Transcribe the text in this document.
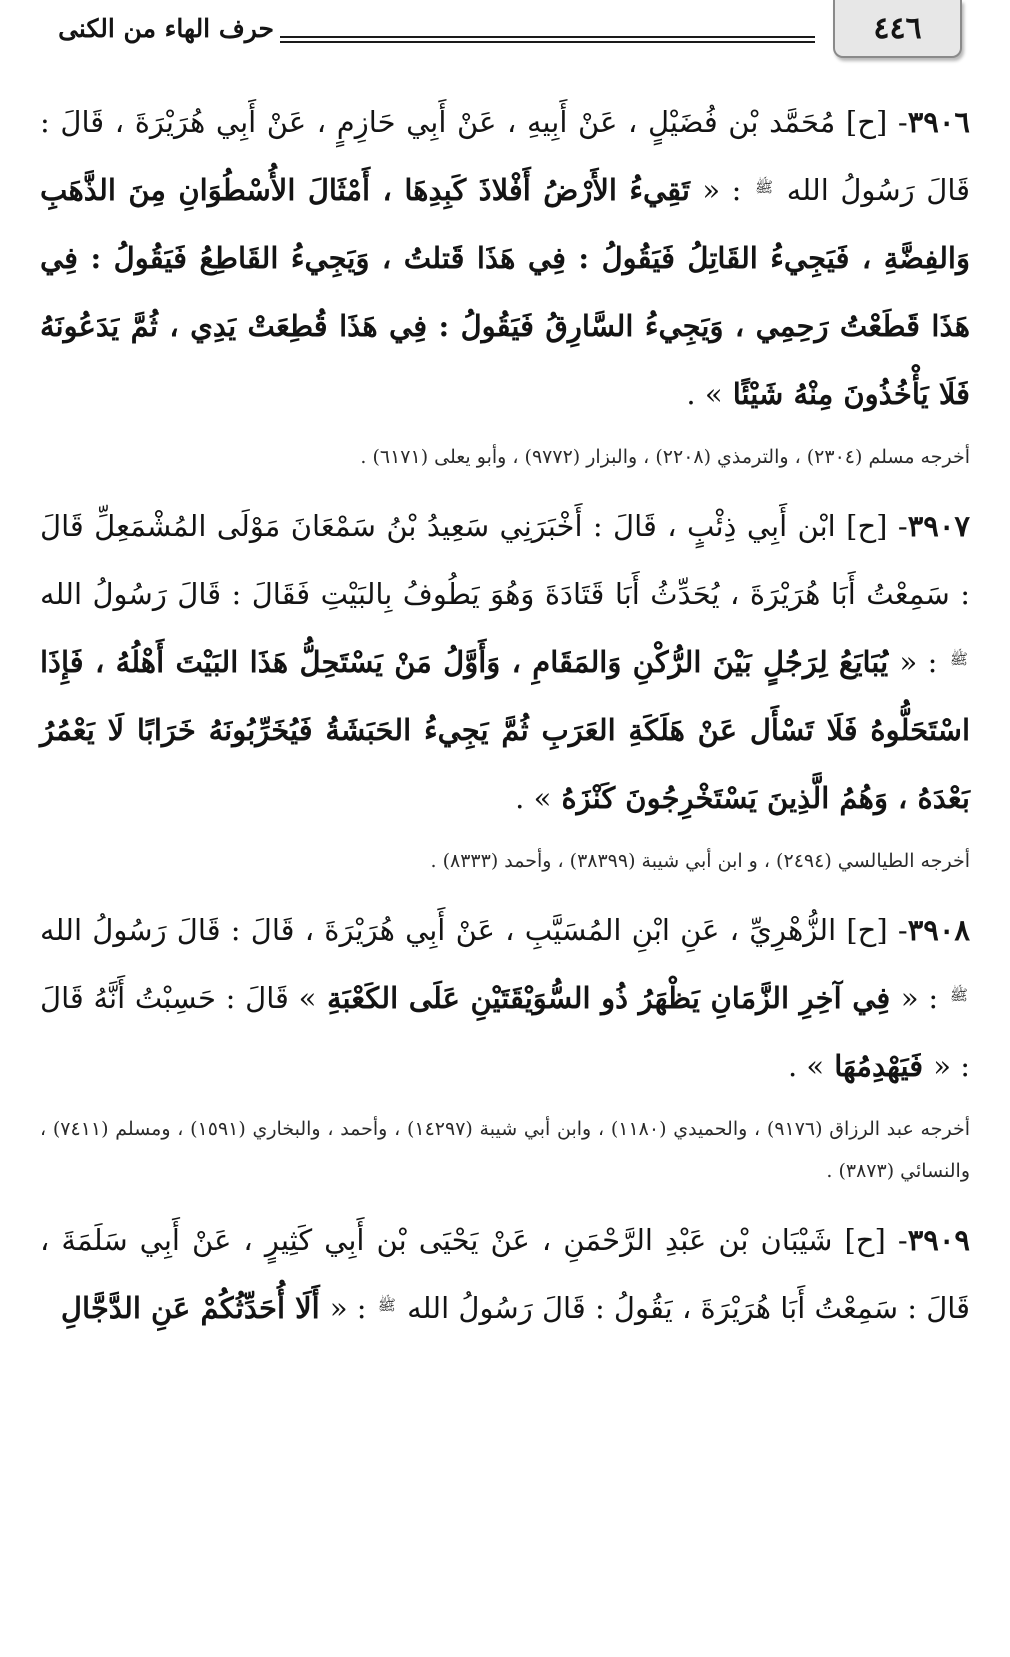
٤٤٦
حرف الهاء من الكنى

٣٩٠٦- [ح] مُحَمَّد بْن فُضَيْلٍ ، عَنْ أَبِيهِ ، عَنْ أَبِي حَازِمٍ ، عَنْ أَبِي هُرَيْرَةَ ، قَالَ : قَالَ رَسُولُ الله ﷺ : « تَقِيءُ الأَرْضُ أَفْلاذَ كَبِدِهَا ، أَمْثَالَ الأُسْطُوَانِ مِنَ الذَّهَبِ وَالفِضَّةِ ، فَيَجِيءُ القَاتِلُ فَيَقُولُ : فِي هَذَا قَتلتُ ، وَيَجِيءُ القَاطِعُ فَيَقُولُ : فِي هَذَا قَطَعْتُ رَحِمِي ، وَيَجِيءُ السَّارِقُ فَيَقُولُ : فِي هَذَا قُطِعَتْ يَدِي ، ثُمَّ يَدَعُونَهُ فَلَا يَأْخُذُونَ مِنْهُ شَيْئًا » .

أخرجه مسلم (٢٣٠٤) ، والترمذي (٢٢٠٨) ، والبزار (٩٧٧٢) ، وأبو يعلى (٦١٧١) .

٣٩٠٧- [ح] ابْن أَبِي ذِئْبٍ ، قَالَ : أَخْبَرَنِي سَعِيدُ بْنُ سَمْعَانَ مَوْلَى المُشْمَعِلِّ قَالَ : سَمِعْتُ أَبَا هُرَيْرَةَ ، يُحَدِّثُ أَبَا قَتَادَةَ وَهُوَ يَطُوفُ بِالبَيْتِ فَقَالَ : قَالَ رَسُولُ الله ﷺ : « يُبَايَعُ لِرَجُلٍ بَيْنَ الرُّكْنِ وَالمَقَامِ ، وَأَوَّلُ مَنْ يَسْتَحِلُّ هَذَا البَيْتَ أَهْلُهُ ، فَإِذَا اسْتَحَلُّوهُ فَلَا تَسْأَل عَنْ هَلَكَةِ العَرَبِ ثُمَّ يَجِيءُ الحَبَشَةُ فَيُخَرِّبُونَهُ خَرَابًا لَا يَعْمُرُ بَعْدَهُ ، وَهُمُ الَّذِينَ يَسْتَخْرِجُونَ كَنْزَهُ » .

أخرجه الطيالسي (٢٤٩٤) ، و ابن أبي شيبة (٣٨٣٩٩) ، وأحمد (٨٣٣٣) .

٣٩٠٨- [ح] الزُّهْرِيِّ ، عَنِ ابْنِ المُسَيَّبِ ، عَنْ أَبِي هُرَيْرَةَ ، قَالَ : قَالَ رَسُولُ الله ﷺ : « فِي آخِرِ الزَّمَانِ يَظْهَرُ ذُو السُّوَيْقَتَيْنِ عَلَى الكَعْبَةِ » قَالَ : حَسِبْتُ أَنَّهُ قَالَ : « فَيَهْدِمُهَا » .

أخرجه عبد الرزاق (٩١٧٦) ، والحميدي (١١٨٠) ، وابن أبي شيبة (١٤٢٩٧) ، وأحمد ، والبخاري (١٥٩١) ، ومسلم (٧٤١١) ، والنسائي (٣٨٧٣) .

٣٩٠٩- [ح] شَيْبَان بْن عَبْدِ الرَّحْمَنِ ، عَنْ يَحْيَى بْن أَبِي كَثِيرٍ ، عَنْ أَبِي سَلَمَةَ ، قَالَ : سَمِعْتُ أَبَا هُرَيْرَةَ ، يَقُولُ : قَالَ رَسُولُ الله ﷺ : « أَلَا أُحَدِّثُكُمْ عَنِ الدَّجَّالِ
